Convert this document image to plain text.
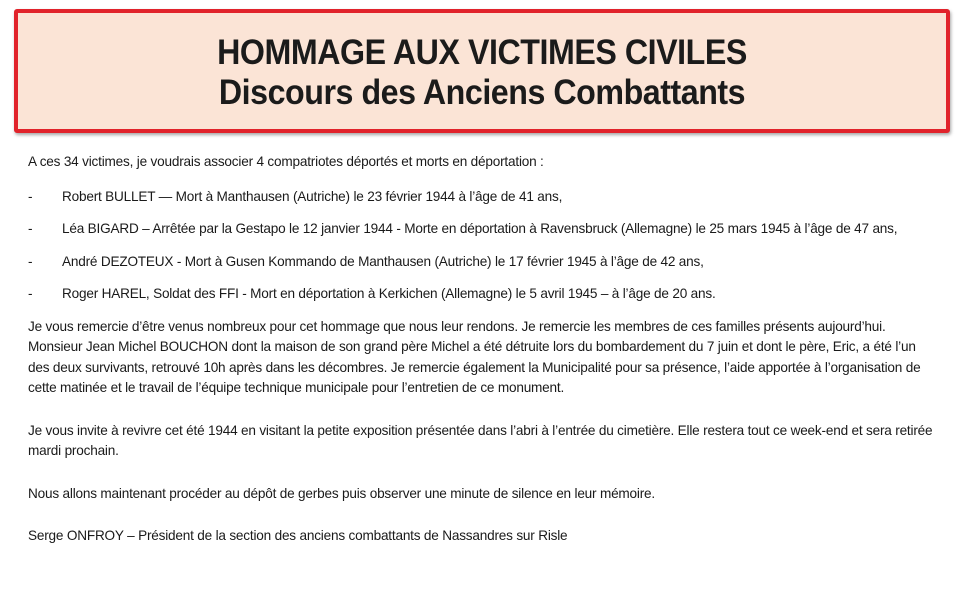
HOMMAGE AUX VICTIMES CIVILES
Discours des Anciens Combattants

A ces 34 victimes, je voudrais associer 4 compatriotes déportés et morts en déportation :

-	Robert BULLET — Mort à Manthausen (Autriche) le 23 février 1944 à l’âge de 41 ans,
-	Léa BIGARD – Arrêtée par la Gestapo le 12 janvier 1944 - Morte en déportation à Ravensbruck (Allemagne) le 25 mars 1945 à l’âge de 47 ans,
-	André DEZOTEUX - Mort à Gusen Kommando de Manthausen (Autriche) le 17 février 1945 à l’âge de 42 ans,
-	Roger HAREL, Soldat des FFI - Mort en déportation à Kerkichen (Allemagne) le 5 avril 1945 – à l’âge de 20 ans.

Je vous remercie d’être venus nombreux pour cet hommage que nous leur rendons. Je remercie les membres de ces familles présents aujourd’hui. Monsieur Jean Michel BOUCHON dont la maison de son grand père Michel a été détruite lors du bombardement du 7 juin et dont le père, Eric, a été l’un des deux survivants, retrouvé 10h après dans les décombres. Je remercie également la Municipalité pour sa présence, l’aide apportée à l’organisation de cette matinée et le travail de l’équipe technique municipale pour l’entretien de ce monument.

Je vous invite à revivre cet été 1944 en visitant la petite exposition présentée dans l’abri à l’entrée du cimetière. Elle restera tout ce week-end et sera retirée mardi prochain.

Nous allons maintenant procéder au dépôt de gerbes puis observer une minute de silence en leur mémoire.

Serge ONFROY – Président de la section des anciens combattants de Nassandres sur Risle
